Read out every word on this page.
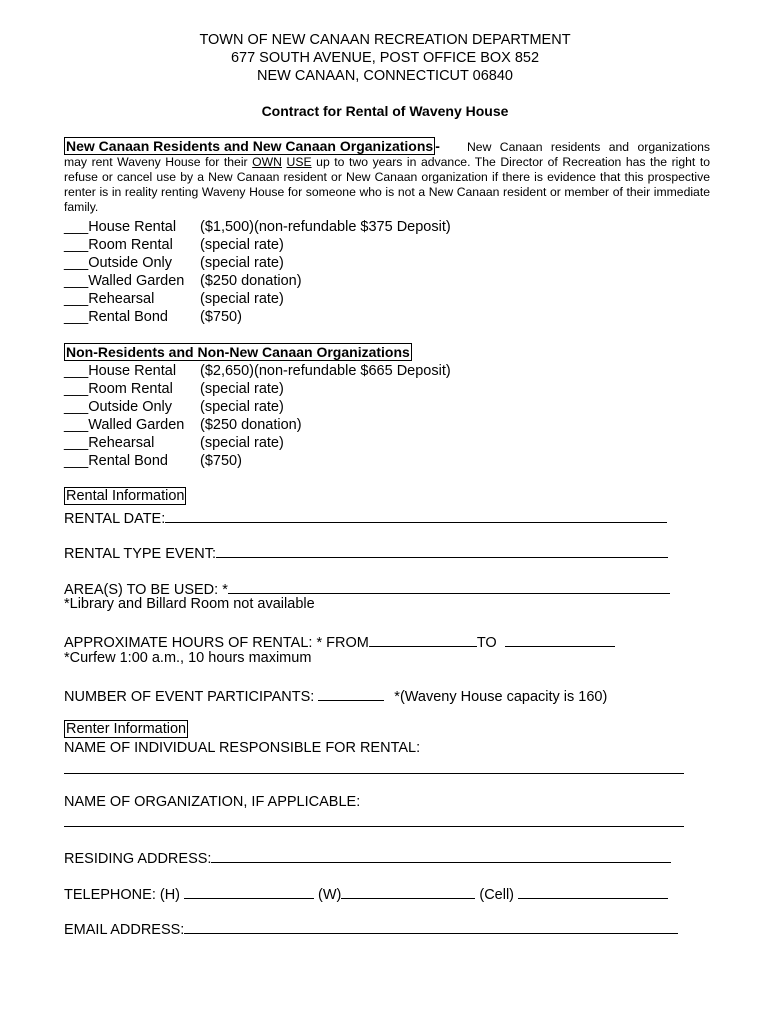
TOWN OF NEW CANAAN RECREATION DEPARTMENT
677 SOUTH AVENUE, POST OFFICE BOX 852
NEW CANAAN, CONNECTICUT 06840
Contract for Rental of Waveny House
New Canaan Residents and New Canaan Organizations -	New Canaan residents and organizations may rent Waveny House for their OWN USE up to two years in advance. The Director of Recreation has the right to refuse or cancel use by a New Canaan resident or New Canaan organization if there is evidence that this prospective renter is in reality renting Waveny House for someone who is not a New Canaan resident or member of their immediate family.
___House Rental ($1,500)(non-refundable $375 Deposit)
___Room Rental (special rate)
___Outside Only (special rate)
___Walled Garden ($250 donation)
___Rehearsal	(special rate)
___Rental Bond ($750)
Non-Residents and Non-New Canaan Organizations
___House Rental ($2,650)(non-refundable $665 Deposit)
___Room Rental (special rate)
___Outside Only (special rate)
___Walled Garden ($250 donation)
___Rehearsal	(special rate)
___Rental Bond ($750)
Rental Information
RENTAL DATE:
RENTAL TYPE EVENT:
AREA(S) TO BE USED: *
*Library and Billard Room not available
APPROXIMATE HOURS OF RENTAL: * FROM	TO
*Curfew 1:00 a.m., 10 hours maximum
NUMBER OF EVENT PARTICIPANTS:	*(Waveny House capacity is 160)
Renter Information
NAME OF INDIVIDUAL RESPONSIBLE FOR RENTAL:
NAME OF ORGANIZATION, IF APPLICABLE:
RESIDING ADDRESS:
TELEPHONE: (H)	(W)	(Cell)
EMAIL ADDRESS:
